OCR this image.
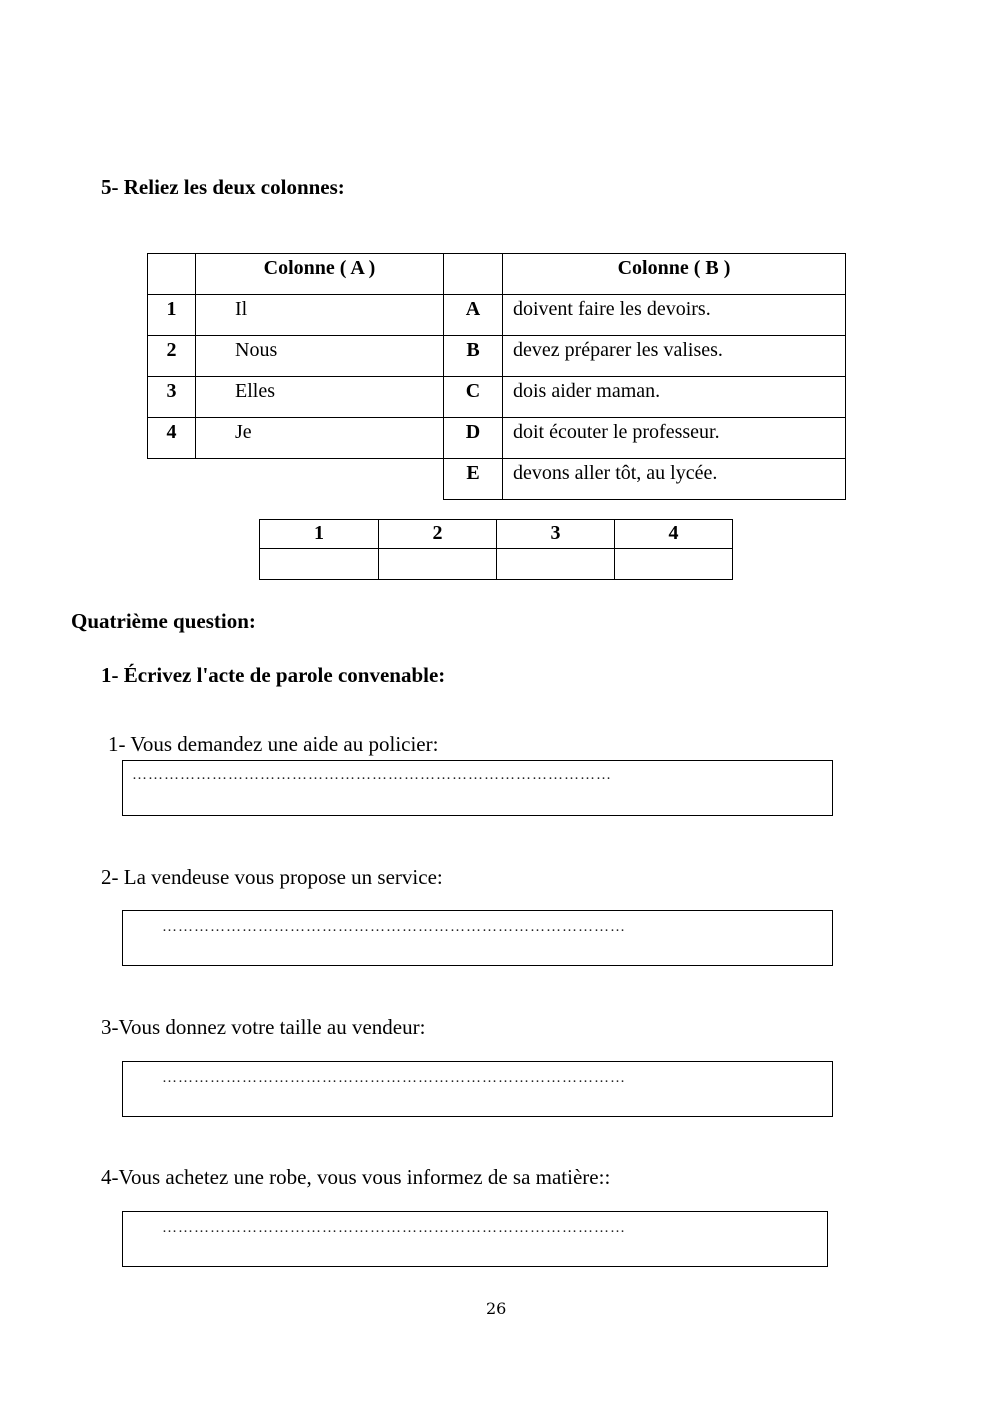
5- Reliez les deux colonnes:
Colonne ( A )	Colonne ( B )
1	Il	A	doivent faire les devoirs.
2	Nous	B	devez préparer les valises.
3	Elles	C	dois aider maman.
4	Je	D	doit écouter le professeur.
E	devons aller tôt, au lycée.
1	2	3	4
Quatrième question:
1- Écrivez l'acte de parole convenable:
1- Vous demandez une aide au policier:
………………………………………………………………………………
2- La vendeuse vous propose un service:
……………………………………………………………………………
3-Vous donnez votre taille au vendeur:
……………………………………………………………………………
4-Vous achetez une robe, vous vous informez de sa matière::
……………………………………………………………………………
26
